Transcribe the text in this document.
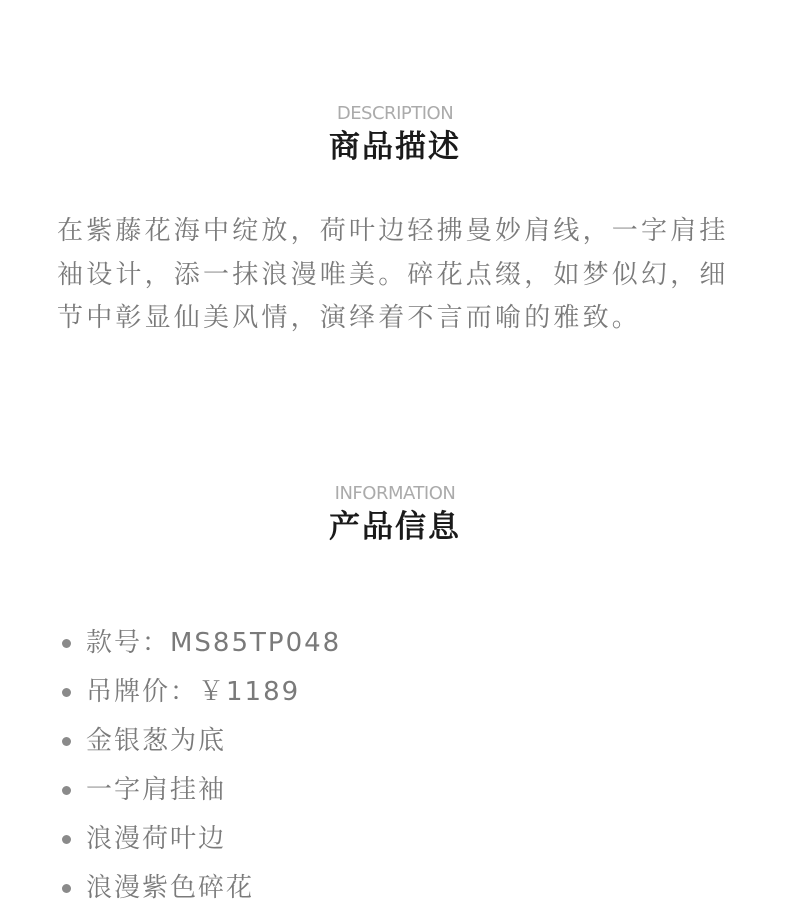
DESCRIPTION
商品描述

在紫藤花海中绽放，荷叶边轻拂曼妙肩线，一字肩挂袖设计，添一抹浪漫唯美。碎花点缀，如梦似幻，细节中彰显仙美风情，演绎着不言而喻的雅致。

INFORMATION
产品信息
款号：MS85TP048
吊牌价：￥1189
金银葱为底
一字肩挂袖
浪漫荷叶边
浪漫紫色碎花
